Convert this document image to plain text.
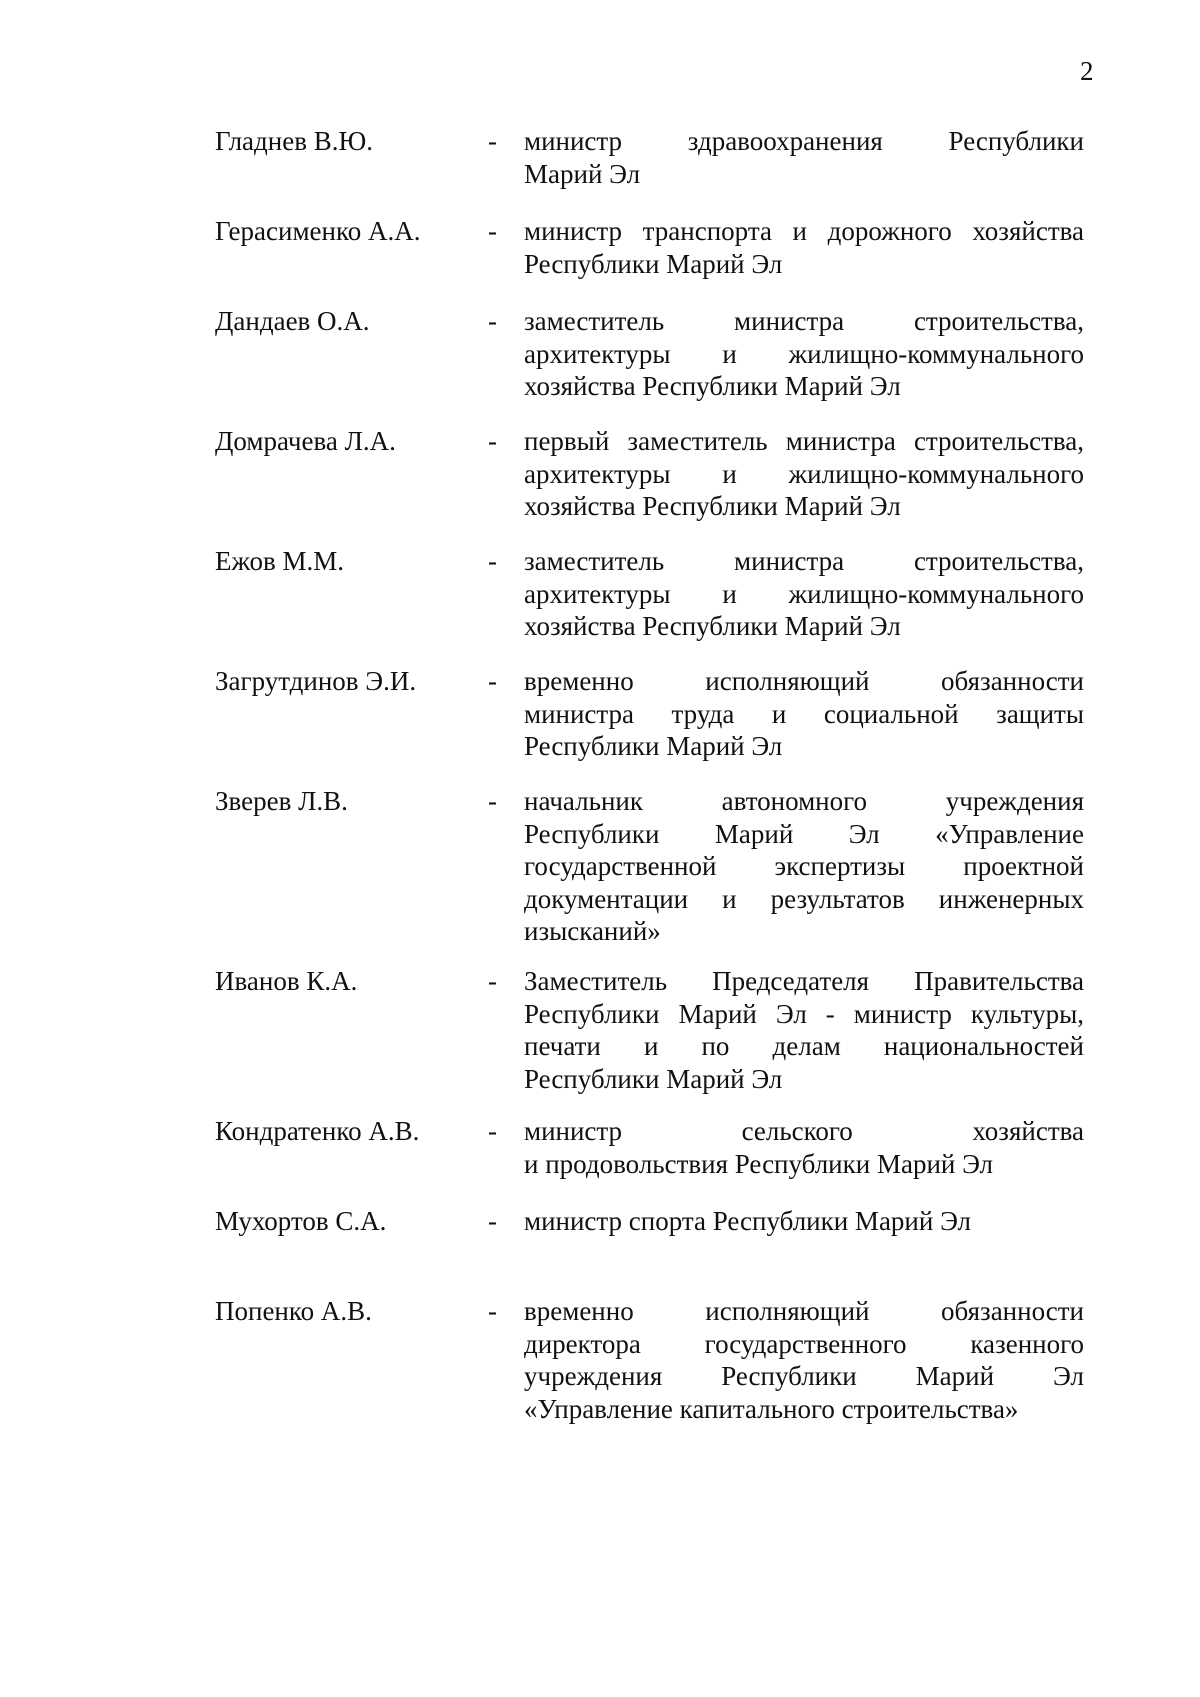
2
Гладнев В.Ю.	-	министр здравоохранения Республики
Марий Эл
Герасименко А.А.	-	министр транспорта и дорожного хозяйства
Республики Марий Эл
Дандаев О.А.	-	заместитель министра строительства,
архитектуры и жилищно-коммунального
хозяйства Республики Марий Эл
Домрачева Л.А.	-	первый заместитель министра строительства,
архитектуры и жилищно-коммунального
хозяйства Республики Марий Эл
Ежов М.М.	-	заместитель министра строительства,
архитектуры и жилищно-коммунального
хозяйства Республики Марий Эл
Загрутдинов Э.И.	-	временно исполняющий обязанности
министра труда и социальной защиты
Республики Марий Эл
Зверев Л.В.	-	начальник автономного учреждения
Республики Марий Эл «Управление
государственной экспертизы проектной
документации и результатов инженерных
изысканий»
Иванов К.А.	-	Заместитель Председателя Правительства
Республики Марий Эл - министр культуры,
печати и по делам национальностей
Республики Марий Эл
Кондратенко А.В.	-	министр сельского хозяйства
и продовольствия Республики Марий Эл
Мухортов С.А.	-	министр спорта Республики Марий Эл
Попенко А.В.	-	временно исполняющий обязанности
директора государственного казенного
учреждения Республики Марий Эл
«Управление капитального строительства»
